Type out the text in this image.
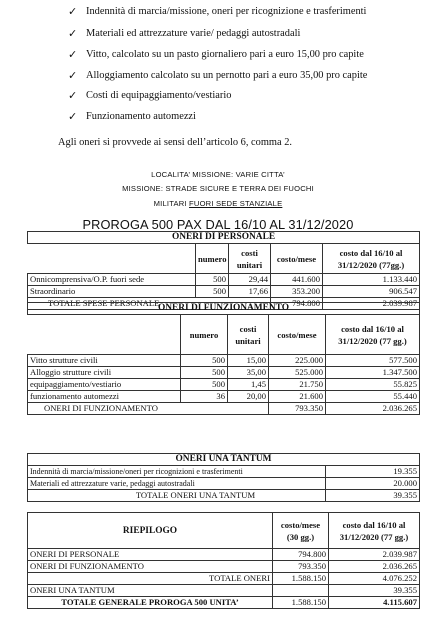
✓ Indennità di marcia/missione, oneri per ricognizione e trasferimenti
✓ Materiali ed attrezzature varie/ pedaggi autostradali
✓ Vitto, calcolato su un pasto giornaliero pari a euro 15,00 pro capite
✓ Alloggiamento calcolato su un pernotto pari a euro 35,00 pro capite
✓ Costi di equipaggiamento/vestiario
✓ Funzionamento automezzi
Agli oneri si provvede ai sensi dell’articolo 6, comma 2.
LOCALITA’ MISSIONE: VARIE CITTA’
MISSIONE: STRADE SICURE E TERRA DEI FUOCHI
MILITARI FUORI SEDE STANZIALE
PROROGA 500 PAX DAL 16/10 AL 31/12/2020
ONERI DI PERSONALE				
	numero	costi unitari	costo/mese	costo dal 16/10 al 31/12/2020 (77gg.)
Onnicomprensiva/O.P. fuori sede	500	29,44	441.600	1.133.440
Straordinario	500	17,66	353.200	906.547
TOTALE SPESE PERSONALE			794.800	2.039.987
ONERI DI FUNZIONAMENTO				
	numero	costi unitari	costo/mese	costo dal 16/10 al 31/12/2020 (77 gg.)
Vitto strutture civili	500	15,00	225.000	577.500
Alloggio strutture civili	500	35,00	525.000	1.347.500
equipaggiamento/vestiario	500	1,45	21.750	55.825
funzionamento automezzi	36	20,00	21.600	55.440
ONERI DI FUNZIONAMENTO			793.350	2.036.265
ONERI UNA TANTUM	
Indennità di marcia/missione/oneri per ricognizioni e trasferimenti	19.355
Materiali ed attrezzature varie, pedaggi autostradali	20.000
TOTALE ONERI UNA TANTUM	39.355
RIEPILOGO	costo/mese (30 gg.)	costo dal 16/10 al 31/12/2020 (77 gg.)
ONERI DI PERSONALE	794.800	2.039.987
ONERI DI FUNZIONAMENTO	793.350	2.036.265
TOTALE ONERI	1.588.150	4.076.252
ONERI UNA TANTUM		39.355
TOTALE GENERALE PROROGA 500 UNITA’	1.588.150	4.115.607
